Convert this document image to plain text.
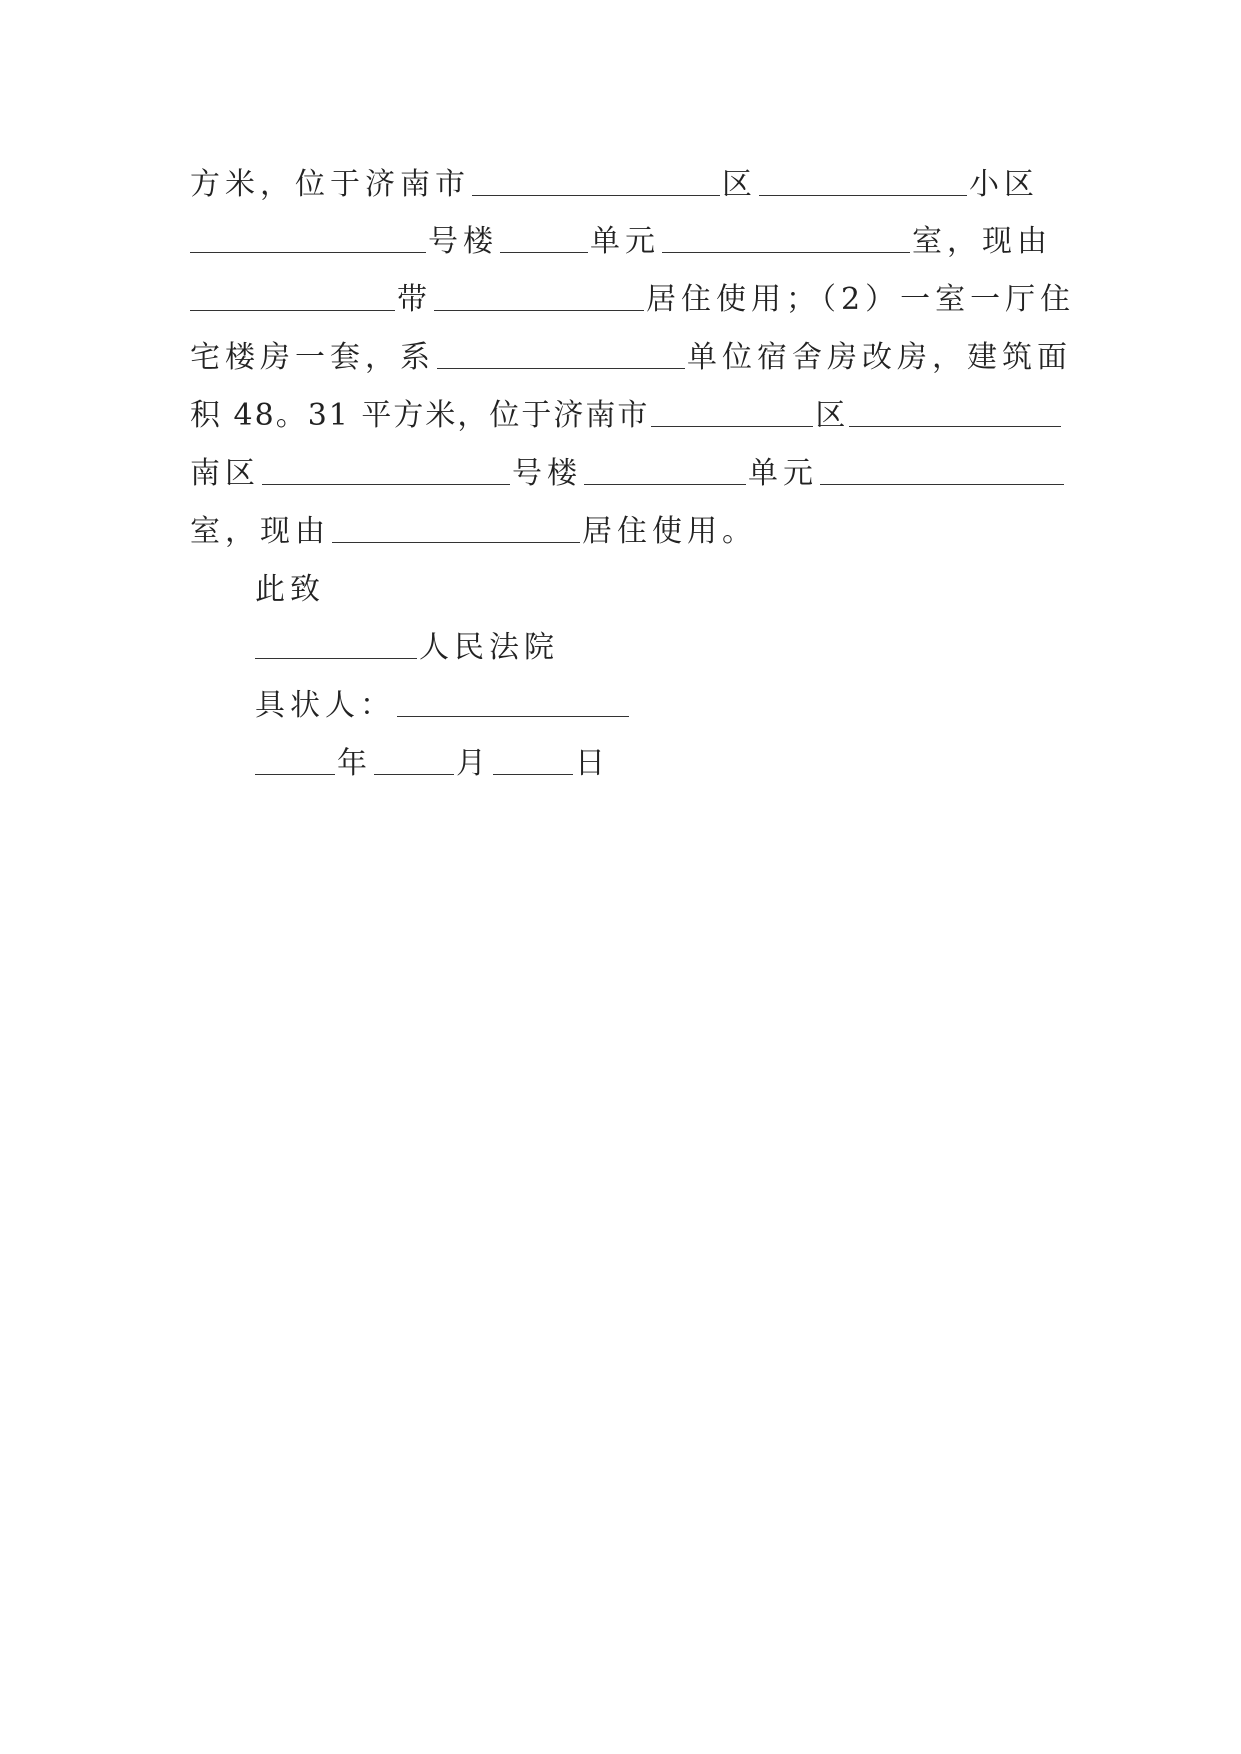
方米，位于济南市	区	小区
号楼	单元	室，现由
带	居住使用；（2）一室一厅住
宅楼房一套，系	单位宿舍房改房，建筑面
积 48。31 平方米，位于济南市	区
南区	号楼	单元
室，现由	居住使用。
此致
人民法院
具状人：
年	月	日
